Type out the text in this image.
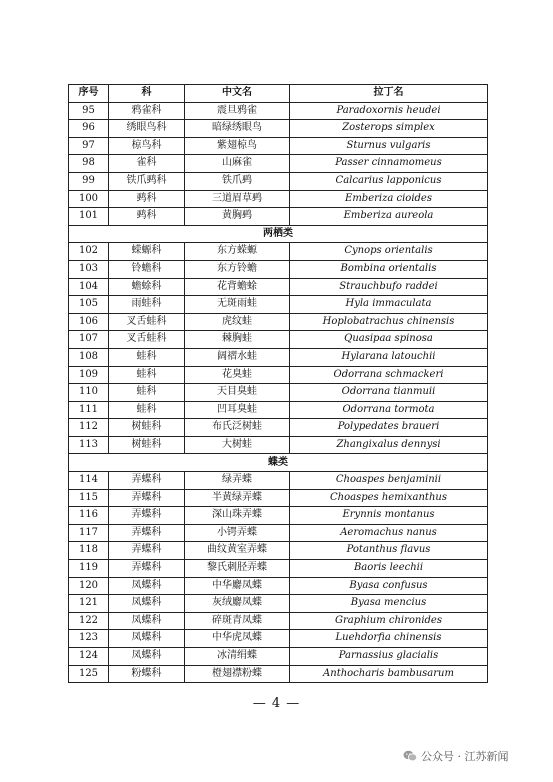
序号	科	中文名	拉丁名
95	鸦雀科	震旦鸦雀	Paradoxornis heudei
96	绣眼鸟科	暗绿绣眼鸟	Zosterops simplex
97	椋鸟科	紫翅椋鸟	Sturnus vulgaris
98	雀科	山麻雀	Passer cinnamomeus
99	铁爪鹀科	铁爪鹀	Calcarius lapponicus
100	鹀科	三道眉草鹀	Emberiza cioides
101	鹀科	黄胸鹀	Emberiza aureola
两栖类			
102	蝾螈科	东方蝾螈	Cynops orientalis
103	铃蟾科	东方铃蟾	Bombina orientalis
104	蟾蜍科	花背蟾蜍	Strauchbufo raddei
105	雨蛙科	无斑雨蛙	Hyla immaculata
106	叉舌蛙科	虎纹蛙	Hoplobatrachus chinensis
107	叉舌蛙科	棘胸蛙	Quasipaa spinosa
108	蛙科	阔褶水蛙	Hylarana latouchii
109	蛙科	花臭蛙	Odorrana schmackeri
110	蛙科	天目臭蛙	Odorrana tianmuii
111	蛙科	凹耳臭蛙	Odorrana tormota
112	树蛙科	布氏泛树蛙	Polypedates braueri
113	树蛙科	大树蛙	Zhangixalus dennysi
蝶类			
114	弄蝶科	绿弄蝶	Choaspes benjaminii
115	弄蝶科	半黄绿弄蝶	Choaspes hemixanthus
116	弄蝶科	深山珠弄蝶	Erynnis montanus
117	弄蝶科	小锷弄蝶	Aeromachus nanus
118	弄蝶科	曲纹黄室弄蝶	Potanthus flavus
119	弄蝶科	黎氏刺胫弄蝶	Baoris leechii
120	凤蝶科	中华麝凤蝶	Byasa confusus
121	凤蝶科	灰绒麝凤蝶	Byasa mencius
122	凤蝶科	碎斑青凤蝶	Graphium chironides
123	凤蝶科	中华虎凤蝶	Luehdorfia chinensis
124	凤蝶科	冰清绢蝶	Parnassius glacialis
125	粉蝶科	橙翅襟粉蝶	Anthocharis bambusarum
— 4 —
公众号 · 江苏新闻
